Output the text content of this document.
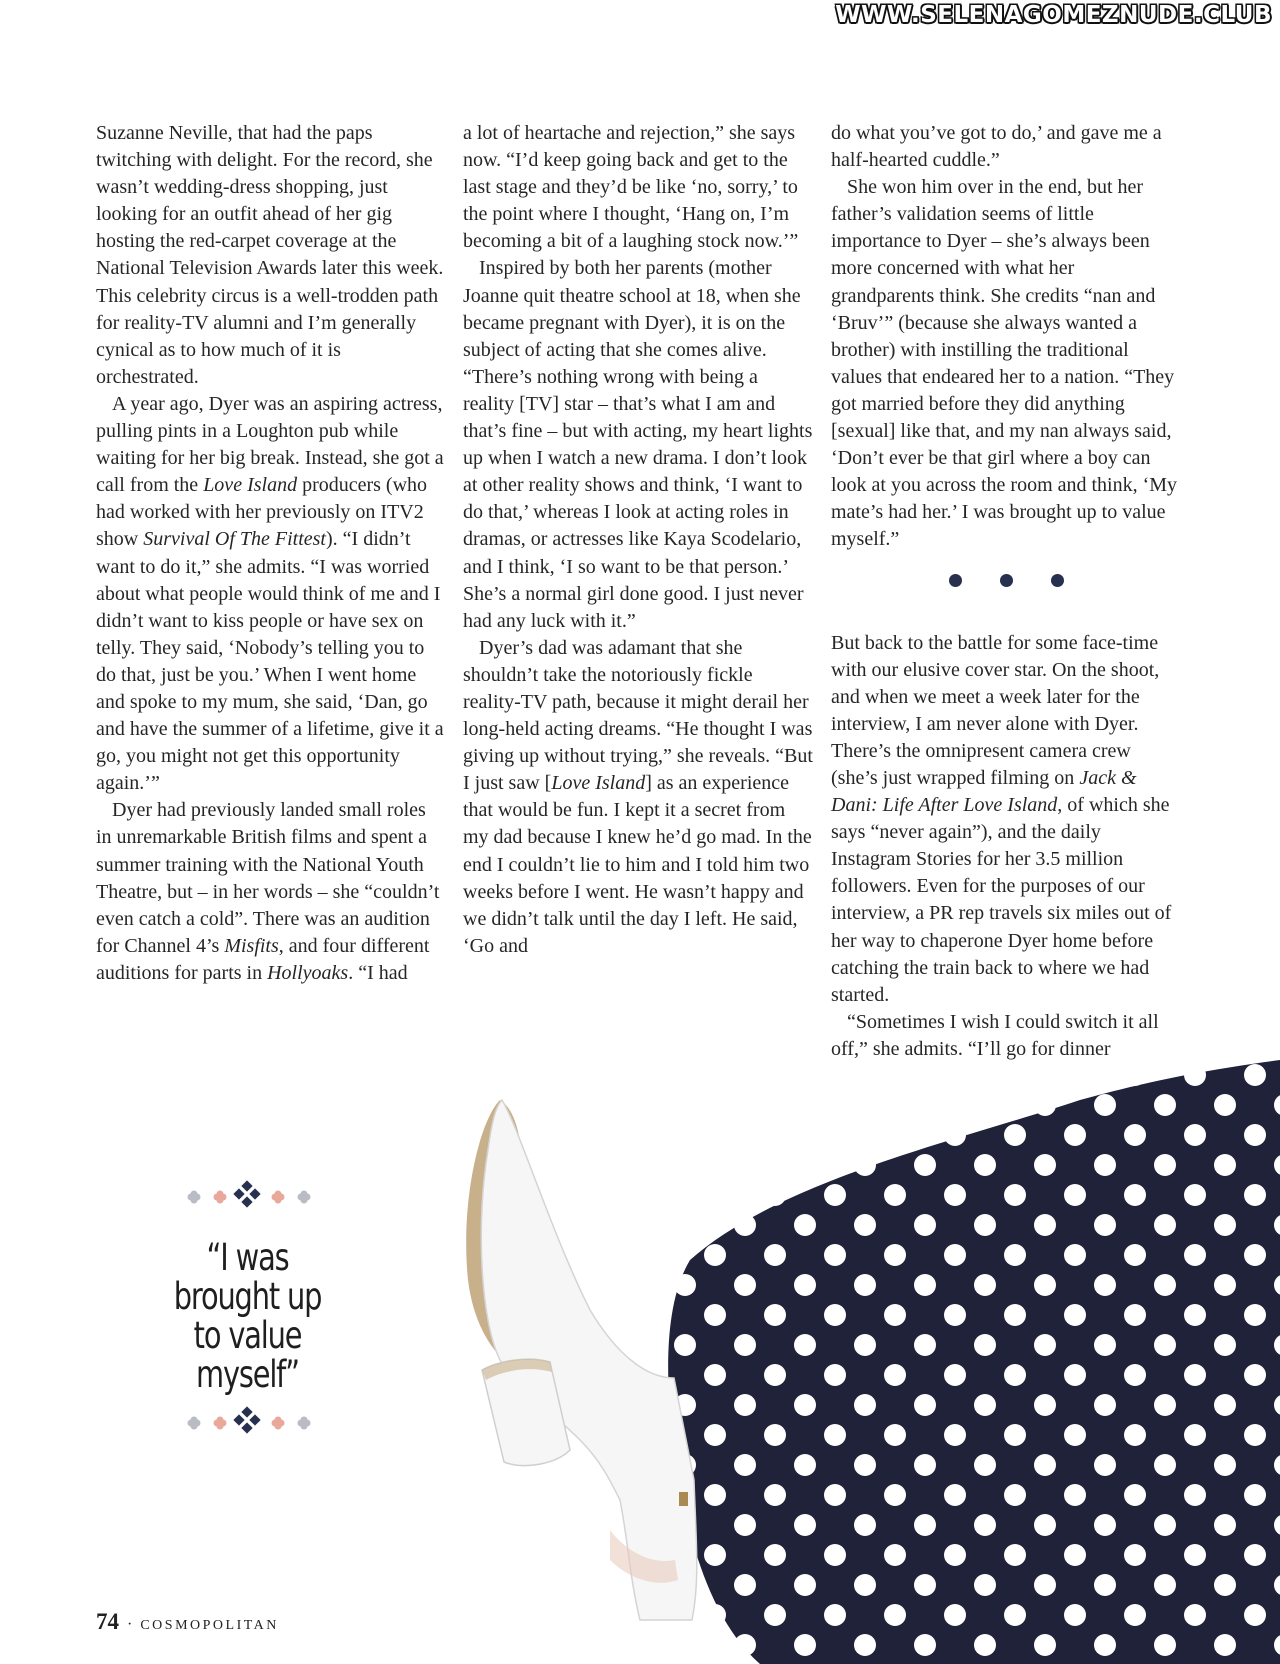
WWW.SELENAGOMEZNUDE.CLUB

Suzanne Neville, that had the paps twitching with delight. For the record, she wasn’t wedding-dress shopping, just looking for an outfit ahead of her gig hosting the red-carpet coverage at the National Television Awards later this week. This celebrity circus is a well-trodden path for reality-TV alumni and I’m generally cynical as to how much of it is orchestrated.

A year ago, Dyer was an aspiring actress, pulling pints in a Loughton pub while waiting for her big break. Instead, she got a call from the Love Island producers (who had worked with her previously on ITV2 show Survival Of The Fittest). “I didn’t want to do it,” she admits. “I was worried about what people would think of me and I didn’t want to kiss people or have sex on telly. They said, ‘Nobody’s telling you to do that, just be you.’ When I went home and spoke to my mum, she said, ‘Dan, go and have the summer of a lifetime, give it a go, you might not get this opportunity again.’”

Dyer had previously landed small roles in unremarkable British films and spent a summer training with the National Youth Theatre, but – in her words – she “couldn’t even catch a cold”. There was an audition for Channel 4’s Misfits, and four different auditions for parts in Hollyoaks. “I had

a lot of heartache and rejection,” she says now. “I’d keep going back and get to the last stage and they’d be like ‘no, sorry,’ to the point where I thought, ‘Hang on, I’m becoming a bit of a laughing stock now.’”

Inspired by both her parents (mother Joanne quit theatre school at 18, when she became pregnant with Dyer), it is on the subject of acting that she comes alive. “There’s nothing wrong with being a reality [TV] star – that’s what I am and that’s fine – but with acting, my heart lights up when I watch a new drama. I don’t look at other reality shows and think, ‘I want to do that,’ whereas I look at acting roles in dramas, or actresses like Kaya Scodelario, and I think, ‘I so want to be that person.’ She’s a normal girl done good. I just never had any luck with it.”

Dyer’s dad was adamant that she shouldn’t take the notoriously fickle reality-TV path, because it might derail her long-held acting dreams. “He thought I was giving up without trying,” she reveals. “But I just saw [Love Island] as an experience that would be fun. I kept it a secret from my dad because I knew he’d go mad. In the end I couldn’t lie to him and I told him two weeks before I went. He wasn’t happy and we didn’t talk until the day I left. He said, ‘Go and

do what you’ve got to do,’ and gave me a half-hearted cuddle.”

She won him over in the end, but her father’s validation seems of little importance to Dyer – she’s always been more concerned with what her grandparents think. She credits “nan and ‘Bruv’” (because she always wanted a brother) with instilling the traditional values that endeared her to a nation. “They got married before they did anything [sexual] like that, and my nan always said, ‘Don’t ever be that girl where a boy can look at you across the room and think, ‘My mate’s had her.’ I was brought up to value myself.”

But back to the battle for some face-time with our elusive cover star. On the shoot, and when we meet a week later for the interview, I am never alone with Dyer. There’s the omnipresent camera crew (she’s just wrapped filming on Jack & Dani: Life After Love Island, of which she says “never again”), and the daily Instagram Stories for her 3.5 million followers. Even for the purposes of our interview, a PR rep travels six miles out of her way to chaperone Dyer home before catching the train back to where we had started.

“Sometimes I wish I could switch it all off,” she admits. “I’ll go for dinner

“I was
brought up
to value
myself”
74 · COSMOPOLITAN
